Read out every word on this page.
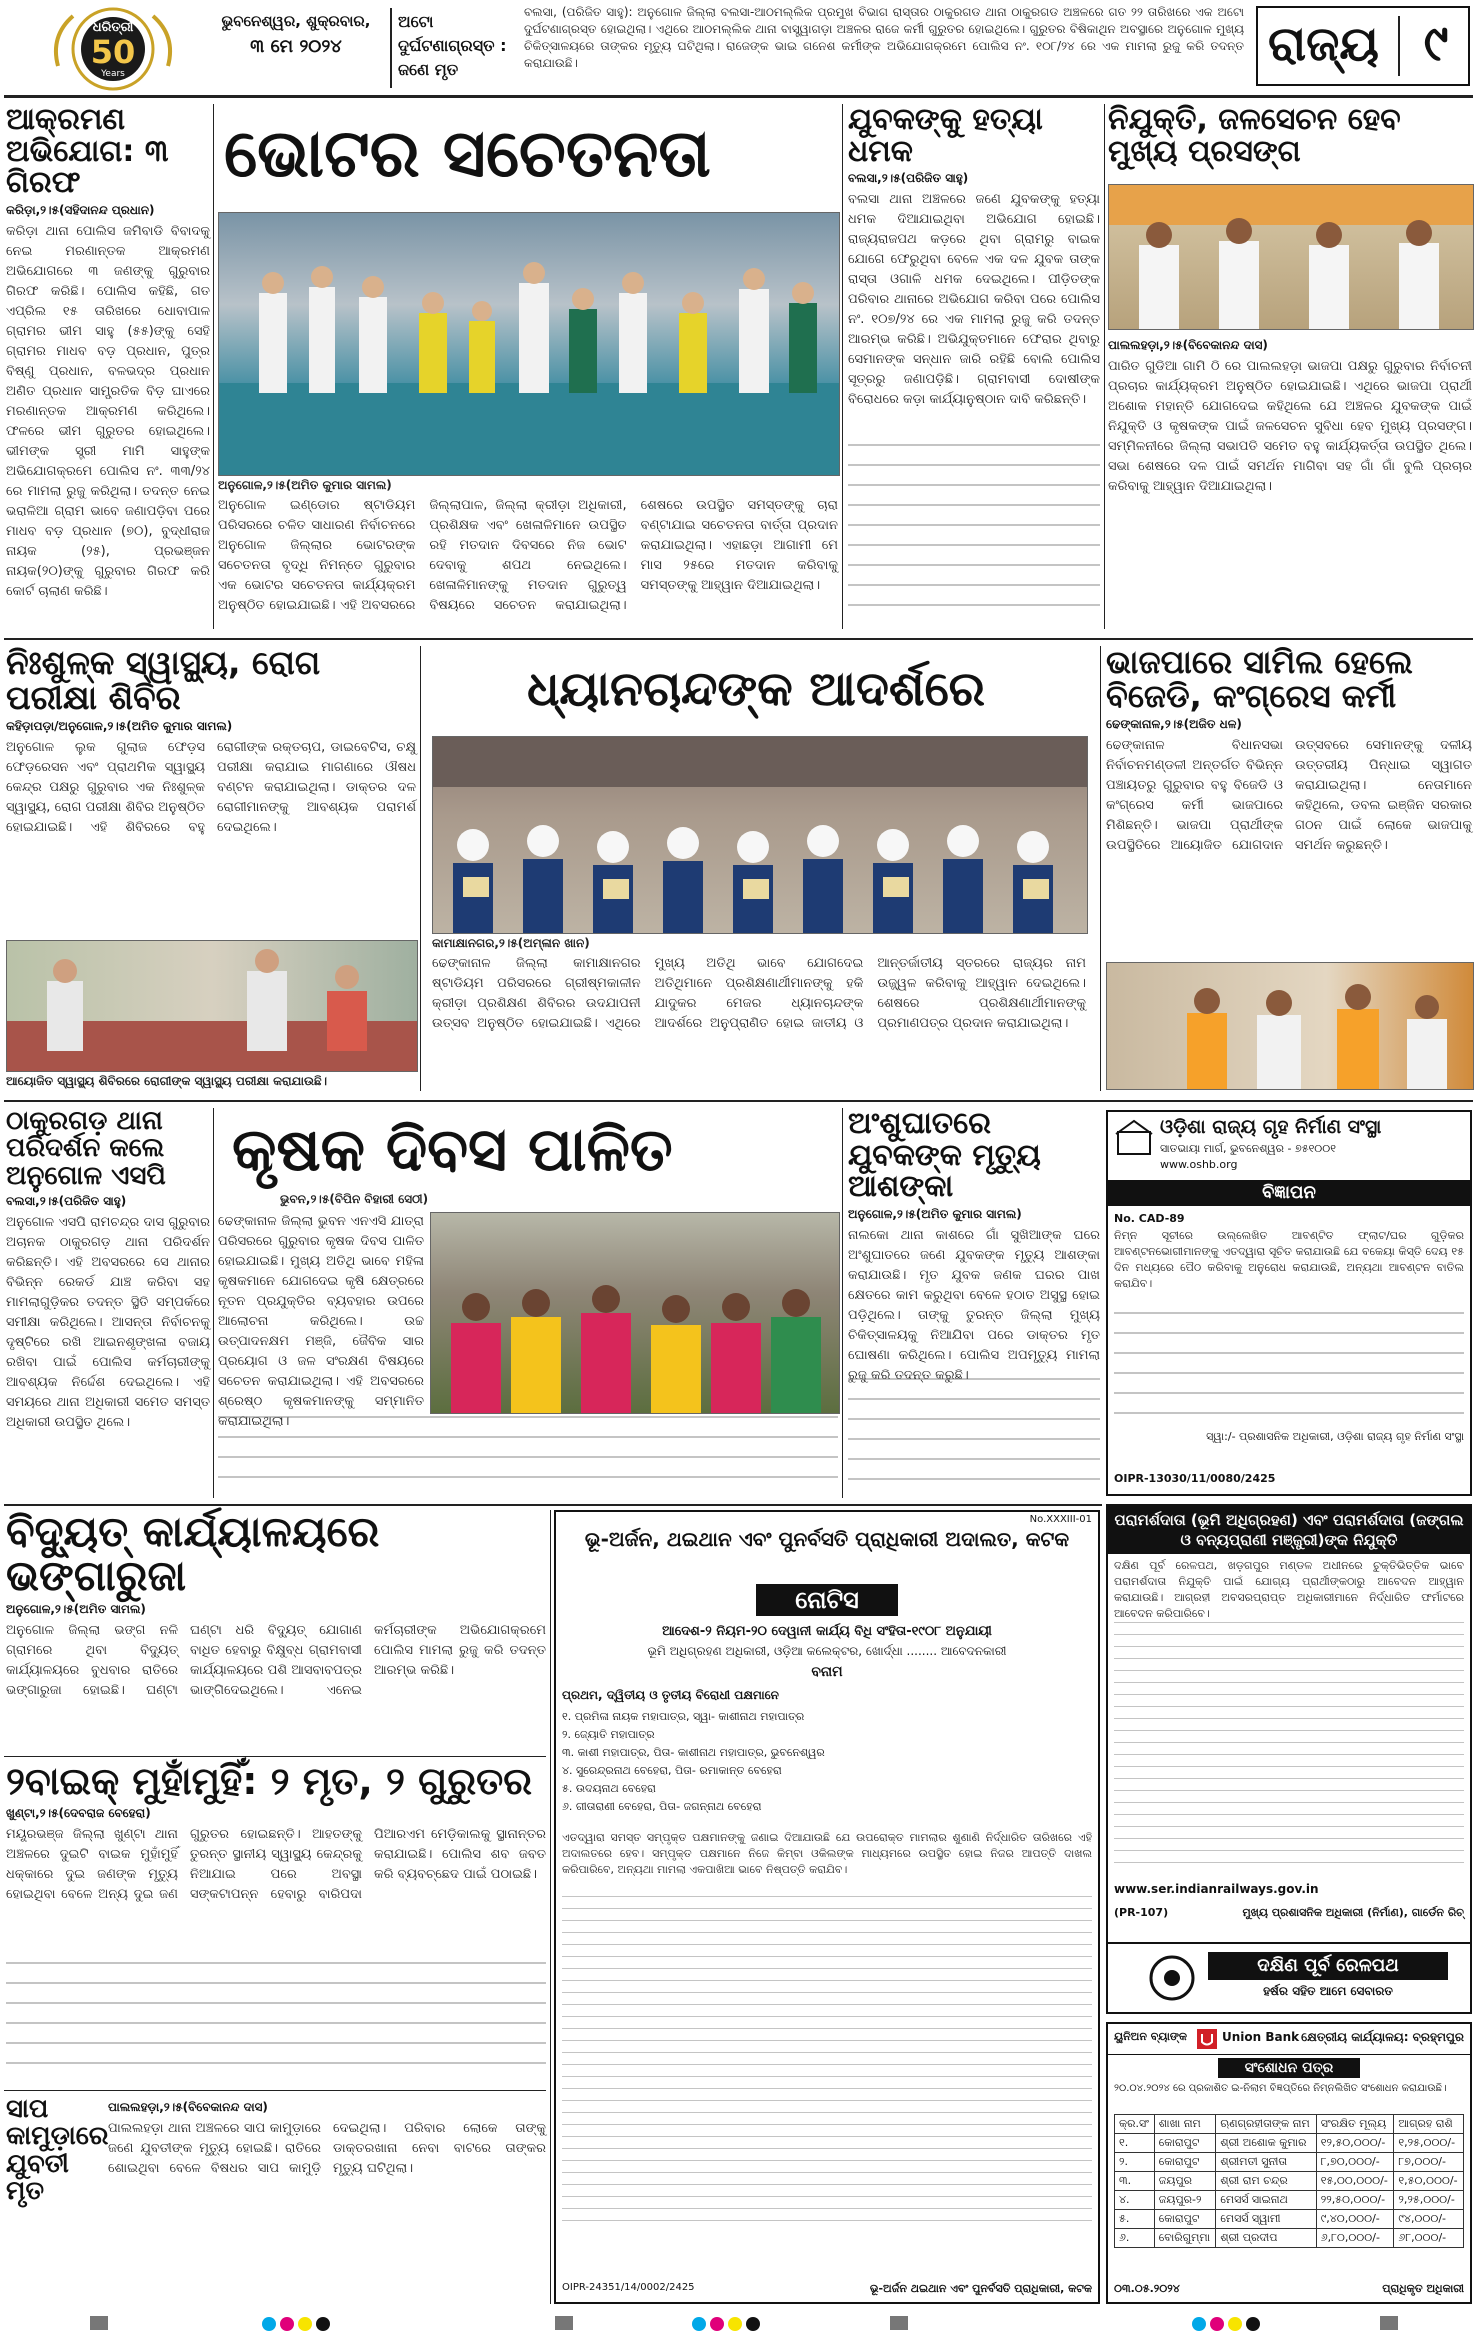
ଧରିତ୍ରୀ
50
Years
ଭୁବନେଶ୍ୱର, ଶୁକ୍ରବାର,
୩ ମେ ୨୦୨୪
ଅଟୋ ଦୁର୍ଘଟଣାଗ୍ରସ୍ତ : ଜଣେ ମୃତ
ବଲସା, (ପରିଜିତ ସାହୁ): ଅନୁଗୋଳ ଜିଲ୍ଲା ବଲସା-ଆଠମଲ୍ଲିକ ପ୍ରମୁଖ ବିଭାଗ ରାସ୍ତାର ଠାକୁରଗଡ ଥାନା ଠାକୁରଗଡ ଅଞ୍ଚଳରେ ଗତ ୨୨ ତାରିଖରେ ଏକ ଅଟୋ ଦୁର୍ଘଟଣାଗ୍ରସ୍ତ ହୋଇଥିଲା। ଏଥିରେ ଆଠମଲ୍ଲିକ ଥାନା ବାସ୍ତ୍ୱାଗଡ଼ା ଅଞ୍ଚଳର ରାଜେ କର୍ମୀ ଗୁରୁତର ହୋଇଥିଲେ। ଗୁରୁତର ବିଷିକାଥିନ ଅବସ୍ଥାରେ ଅନୁଗୋଳ ମୁଖ୍ୟ ଚିକିତ୍ସାଳୟରେ ତାଙ୍କର ମୃତ୍ୟୁ ଘଟିଥିଲା। ରାଜେଙ୍କ ଭାଇ ଗନେଶ କର୍ମୀଙ୍କ ଅଭିଯୋଗକ୍ରମେ ପୋଲିସ ନଂ. ୧୦୮/୨୪ ରେ ଏକ ମାମଲା ରୁଜୁ କରି ତଦନ୍ତ କରାଯାଉଛି।	ରାଜ୍ୟ ୯
ଆକ୍ରମଣ ଅଭିଯୋଗ: ୩ ଗିରଫ
କରିଡ଼ା,୨।୫(ସହିଦାନନ୍ଦ ପ୍ରଧାନ)
କରିଡ଼ା ଥାନା ପୋଲିସ ଜମିବାଡି ବିବାଦକୁ ନେଇ ମରଣାନ୍ତକ ଆକ୍ରମଣ ଅଭିଯୋଗରେ ୩ ଜଣଙ୍କୁ ଗୁରୁବାର ଗିରଫ କରିଛି। ପୋଲିସ କହିଛି, ଗତ ଏପ୍ରିଲ ୧୫ ତାରିଖରେ ଧୋବାପାଳ ଗ୍ରାମର ଭୀମ ସାହୁ (୫୫)ଙ୍କୁ ସେହି ଗ୍ରାମର ମାଧବ ବଡ଼ ପ୍ରଧାନ, ପୁତ୍ର ବିଷ୍ଣୁ ପ୍ରଧାନ, ବଳଭଦ୍ର ପ୍ରଧାନ ଅଣିତ ପ୍ରଧାନ ସାମ୍ପ୍ରତିକ ବିଡ଼ ଘାଏରେ ମରଣାନ୍ତକ ଆକ୍ରମଣ କରିଥିଲେ। ଫଳରେ ଭୀମ ଗୁରୁତର ହୋଇଥିଲେ। ଭୀମଙ୍କ ସ୍ତ୍ରୀ ମାମି ସାହୁଙ୍କ ଅଭିଯୋଗକ୍ରମେ ପୋଲିସ ନଂ. ୩୩/୨୪ ରେ ମାମଲା ରୁଜୁ କରିଥିଲା। ତଦନ୍ତ ନେଇ ଭରାଳିଆ ଗ୍ରାମ ଭାବେ ଜଣାପଡ଼ିବା ପରେ ମାଧବ ବଡ଼ ପ୍ରଧାନ (୭୦), ବୁଦ୍ଧୀରାଜ ନାୟକ (୨୫), ପ୍ରଭଞ୍ଜନ ନାୟକ(୨୦)ଙ୍କୁ ଗୁରୁବାର ଗିରଫ କରି କୋର୍ଟ ଚାଲାଣ କରିଛି।
ଭୋଟର ସଚେତନତା
ଅନୁଗୋଳ,୨।୫(ଅମିତ କୁମାର ସାମଲ)
ଅନୁଗୋଳ ଇଣ୍ଡୋର ଷ୍ଟାଡିୟମ ପରିସରରେ ଚଳିତ ସାଧାରଣ ନିର୍ବାଚନରେ ଅନୁଗୋଳ ଜିଲ୍ଲାର ଭୋଟରଙ୍କ ସଚେତନତା ବୃଦ୍ଧି ନିମନ୍ତେ ଗୁରୁବାର ଏକ ଭୋଟର ସଚେତନତା କାର୍ଯ୍ୟକ୍ରମ ଅନୁଷ୍ଠିତ ହୋଇଯାଇଛି। ଏହି ଅବସରରେ ଜିଲ୍ଲାପାଳ, ଜିଲ୍ଲା କ୍ରୀଡ଼ା ଅଧିକାରୀ, ପ୍ରଶିକ୍ଷକ ଏବଂ ଖେଳାଳିମାନେ ଉପସ୍ଥିତ ରହି ମତଦାନ ଦିବସରେ ନିଜ ଭୋଟ ଦେବାକୁ ଶପଥ ନେଇଥିଲେ। ଖେଳାଳିମାନଙ୍କୁ ମତଦାନ ଗୁରୁତ୍ୱ ବିଷୟରେ ସଚେତନ କରାଯାଇଥିଲା। ଶେଷରେ ଉପସ୍ଥିତ ସମସ୍ତଙ୍କୁ ଚାରା ବଣ୍ଟାଯାଇ ସଚେତନତା ବାର୍ତ୍ତା ପ୍ରଦାନ କରାଯାଇଥିଲା। ଏହାଛଡ଼ା ଆଗାମୀ ମେ ମାସ ୨୫ରେ ମତଦାନ କରିବାକୁ ସମସ୍ତଙ୍କୁ ଆହ୍ୱାନ ଦିଆଯାଇଥିଲା।
ଯୁବକଙ୍କୁ ହତ୍ୟା ଧମକ
ବଲସା,୨।୫(ପରିଜିତ ସାହୁ)
ବଲସା ଥାନା ଅଞ୍ଚଳରେ ଜଣେ ଯୁବକଙ୍କୁ ହତ୍ୟା ଧମକ ଦିଆଯାଇଥିବା ଅଭିଯୋଗ ହୋଇଛି। ରାଜ୍ୟରାଜପଥ କଡ଼ରେ ଥିବା ଗ୍ରାମରୁ ବାଇକ ଯୋଗେ ଫେରୁଥିବା ବେଳେ ଏକ ଦଳ ଯୁବକ ତାଙ୍କ ରାସ୍ତା ଓଗାଳି ଧମକ ଦେଇଥିଲେ। ପୀଡ଼ିତଙ୍କ ପରିବାର ଥାନାରେ ଅଭିଯୋଗ କରିବା ପରେ ପୋଲିସ ନଂ. ୧୦୭/୨୪ ରେ ଏକ ମାମଲା ରୁଜୁ କରି ତଦନ୍ତ ଆରମ୍ଭ କରିଛି। ଅଭିଯୁକ୍ତମାନେ ଫେରାର ଥିବାରୁ ସେମାନଙ୍କ ସନ୍ଧାନ ଜାରି ରହିଛି ବୋଲି ପୋଲିସ ସୂତ୍ରରୁ ଜଣାପଡ଼ିଛି। ଗ୍ରାମବାସୀ ଦୋଷୀଙ୍କ ବିରୋଧରେ କଡ଼ା କାର୍ଯ୍ୟାନୁଷ୍ଠାନ ଦାବି କରିଛନ୍ତି।
ନିଯୁକ୍ତି, ଜଳସେଚନ ହେବ ମୁଖ୍ୟ ପ୍ରସଙ୍ଗ
ପାଲଲହଡ଼ା,୨।୫(ବିବେକାନନ୍ଦ ଦାସ)
ପାରିତ ଗୁଡିଆ ଗାମି ଠି ରେ ପାଲଲହଡ଼ା ଭାଜପା ପକ୍ଷରୁ ଗୁରୁବାର ନିର୍ବାଚନୀ ପ୍ରଚାର କାର୍ଯ୍ୟକ୍ରମ ଅନୁଷ୍ଠିତ ହୋଇଯାଇଛି। ଏଥିରେ ଭାଜପା ପ୍ରାର୍ଥୀ ଅଶୋକ ମହାନ୍ତି ଯୋଗଦେଇ କହିଥିଲେ ଯେ ଅଞ୍ଚଳର ଯୁବକଙ୍କ ପାଇଁ ନିଯୁକ୍ତି ଓ କୃଷକଙ୍କ ପାଇଁ ଜଳସେଚନ ସୁବିଧା ହେବ ମୁଖ୍ୟ ପ୍ରସଙ୍ଗ। ସମ୍ମିଳନୀରେ ଜିଲ୍ଲା ସଭାପତି ସମେତ ବହୁ କାର୍ଯ୍ୟକର୍ତ୍ତା ଉପସ୍ଥିତ ଥିଲେ। ସଭା ଶେଷରେ ଦଳ ପାଇଁ ସମର୍ଥନ ମାଗିବା ସହ ଗାଁ ଗାଁ ବୁଲି ପ୍ରଚାର କରିବାକୁ ଆହ୍ୱାନ ଦିଆଯାଇଥିଲା।
ନିଃଶୁଳ୍କ ସ୍ୱାସ୍ଥ୍ୟ, ରୋଗ ପରୀକ୍ଷା ଶିବିର
କହିଡ଼ାପଡ଼ା/ଅନୁଗୋଳ,୨।୫(ଅମିତ କୁମାର ସାମଲ)
ଅନୁଗୋଳ ଲୁକ ଗୁଲାଜ ଫେଡ଼ସ ଫେଡ଼ରେସନ ଏବଂ ପ୍ରାଥମିକ ସ୍ୱାସ୍ଥ୍ୟ କେନ୍ଦ୍ର ପକ୍ଷରୁ ଗୁରୁବାର ଏକ ନିଃଶୁଳ୍କ ସ୍ୱାସ୍ଥ୍ୟ, ରୋଗ ପରୀକ୍ଷା ଶିବିର ଅନୁଷ୍ଠିତ ହୋଇଯାଇଛି। ଏହି ଶିବିରରେ ବହୁ ରୋଗୀଙ୍କ ରକ୍ତଚାପ, ଡାଇବେଟିସ, ଚକ୍ଷୁ ପରୀକ୍ଷା କରାଯାଇ ମାଗଣାରେ ଔଷଧ ବଣ୍ଟନ କରାଯାଇଥିଲା। ଡାକ୍ତର ଦଳ ରୋଗୀମାନଙ୍କୁ ଆବଶ୍ୟକ ପରାମର୍ଶ ଦେଇଥିଲେ।
ଆୟୋଜିତ ସ୍ୱାସ୍ଥ୍ୟ ଶିବିରରେ ରୋଗୀଙ୍କ ସ୍ୱାସ୍ଥ୍ୟ ପରୀକ୍ଷା କରାଯାଉଛି।
ଧ୍ୟାନଚାନ୍ଦଙ୍କ ଆଦର୍ଶରେ
କାମାକ୍ଷାନଗର,୨।୫(ଅମ୍ଳାନ ଖାନ)
ଢେଙ୍କାନାଳ ଜିଲ୍ଲା କାମାକ୍ଷାନଗର ଷ୍ଟାଡିୟମ ପରିସରରେ ଗ୍ରୀଷ୍ମକାଳୀନ କ୍ରୀଡ଼ା ପ୍ରଶିକ୍ଷଣ ଶିବିରର ଉଦଯାପନୀ ଉତ୍ସବ ଅନୁଷ୍ଠିତ ହୋଇଯାଇଛି। ଏଥିରେ ମୁଖ୍ୟ ଅତିଥି ଭାବେ ଯୋଗଦେଇ ଅତିଥିମାନେ ପ୍ରଶିକ୍ଷଣାର୍ଥୀମାନଙ୍କୁ ହକି ଯାଦୁକର ମେଜର ଧ୍ୟାନଚାନ୍ଦଙ୍କ ଆଦର୍ଶରେ ଅନୁପ୍ରାଣିତ ହୋଇ ଜାତୀୟ ଓ ଆନ୍ତର୍ଜାତୀୟ ସ୍ତରରେ ରାଜ୍ୟର ନାମ ଉଜ୍ଜ୍ୱଳ କରିବାକୁ ଆହ୍ୱାନ ଦେଇଥିଲେ। ଶେଷରେ ପ୍ରଶିକ୍ଷଣାର୍ଥୀମାନଙ୍କୁ ପ୍ରମାଣପତ୍ର ପ୍ରଦାନ କରାଯାଇଥିଲା।
ଭାଜପାରେ ସାମିଲ ହେଲେ ବିଜେଡି, କଂଗ୍ରେସ କର୍ମୀ
ଢେଙ୍କାନାଳ,୨।୫(ଅଜିତ ଧଳ)
ଢେଙ୍କାନାଳ ବିଧାନସଭା ନିର୍ବାଚନମଣ୍ଡଳୀ ଅନ୍ତର୍ଗତ ବିଭିନ୍ନ ପଞ୍ଚାୟତରୁ ଗୁରୁବାର ବହୁ ବିଜେଡି ଓ କଂଗ୍ରେସ କର୍ମୀ ଭାଜପାରେ ମିଶିଛନ୍ତି। ଭାଜପା ପ୍ରାର୍ଥୀଙ୍କ ଉପସ୍ଥିତିରେ ଆୟୋଜିତ ଯୋଗଦାନ ଉତ୍ସବରେ ସେମାନଙ୍କୁ ଦଳୀୟ ଉତ୍ତରୀୟ ପିନ୍ଧାଇ ସ୍ୱାଗତ କରାଯାଇଥିଲା। ନେତାମାନେ କହିଥିଲେ, ଡବଲ ଇଞ୍ଜିନ ସରକାର ଗଠନ ପାଇଁ ଲୋକେ ଭାଜପାକୁ ସମର୍ଥନ କରୁଛନ୍ତି।
ଠାକୁରଗଡ଼ ଥାନା ପରିଦର୍ଶନ କଲେ ଅନୁଗୋଳ ଏସପି
ବଲସା,୨।୫(ପରିଜିତ ସାହୁ)
ଅନୁଗୋଳ ଏସପି ରାମଚନ୍ଦ୍ର ଦାସ ଗୁରୁବାର ଅଚାନକ ଠାକୁରଗଡ଼ ଥାନା ପରିଦର୍ଶନ କରିଛନ୍ତି। ଏହି ଅବସରରେ ସେ ଥାନାର ବିଭିନ୍ନ ରେକର୍ଡ ଯାଞ୍ଚ କରିବା ସହ ମାମଲାଗୁଡ଼ିକର ତଦନ୍ତ ସ୍ଥିତି ସମ୍ପର୍କରେ ସମୀକ୍ଷା କରିଥିଲେ। ଆସନ୍ତା ନିର୍ବାଚନକୁ ଦୃଷ୍ଟିରେ ରଖି ଆଇନଶୃଙ୍ଖଳା ବଜାୟ ରଖିବା ପାଇଁ ପୋଲିସ କର୍ମଚାରୀଙ୍କୁ ଆବଶ୍ୟକ ନିର୍ଦ୍ଦେଶ ଦେଇଥିଲେ। ଏହି ସମୟରେ ଥାନା ଅଧିକାରୀ ସମେତ ସମସ୍ତ ଅଧିକାରୀ ଉପସ୍ଥିତ ଥିଲେ।
କୃଷକ ଦିବସ ପାଳିତ
ଭୁବନ,୨।୫(ବିପିନ ବିହାରୀ ସେଠୀ)
ଢେଙ୍କାନାଳ ଜିଲ୍ଲା ଭୁବନ ଏନଏସି ଯାତ୍ରା ପରିସରରେ ଗୁରୁବାର କୃଷକ ଦିବସ ପାଳିତ ହୋଇଯାଇଛି। ମୁଖ୍ୟ ଅତିଥି ଭାବେ ମହିଳା କୃଷକମାନେ ଯୋଗଦେଇ କୃଷି କ୍ଷେତ୍ରରେ ନୂତନ ପ୍ରଯୁକ୍ତିର ବ୍ୟବହାର ଉପରେ ଆଲୋଚନା କରିଥିଲେ। ଉଚ୍ଚ ଉତ୍ପାଦନକ୍ଷମ ମଞ୍ଜି, ଜୈବିକ ସାର ପ୍ରୟୋଗ ଓ ଜଳ ସଂରକ୍ଷଣ ବିଷୟରେ ସଚେତନ କରାଯାଇଥିଲା। ଏହି ଅବସରରେ ଶ୍ରେଷ୍ଠ କୃଷକମାନଙ୍କୁ ସମ୍ମାନିତ କରାଯାଇଥିଲା।
ଅଂଶୁଘାତରେ ଯୁବକଙ୍କ ମୃତ୍ୟୁ ଆଶଙ୍କା
ଅନୁଗୋଳ,୨।୫(ଅମିତ କୁମାର ସାମଲ)
ନାଲକୋ ଥାନା କାଶରେ ଗାଁ ସୁଖିଆଙ୍କ ଘରେ ଅଂଶୁଘାତରେ ଜଣେ ଯୁବକଙ୍କ ମୃତ୍ୟୁ ଆଶଙ୍କା କରାଯାଉଛି। ମୃତ ଯୁବକ ଜଣକ ଘରର ପାଖ କ୍ଷେତରେ କାମ କରୁଥିବା ବେଳେ ହଠାତ ଅସୁସ୍ଥ ହୋଇ ପଡ଼ିଥିଲେ। ତାଙ୍କୁ ତୁରନ୍ତ ଜିଲ୍ଲା ମୁଖ୍ୟ ଚିକିତ୍ସାଳୟକୁ ନିଆଯିବା ପରେ ଡାକ୍ତର ମୃତ ଘୋଷଣା କରିଥିଲେ। ପୋଲିସ ଅପମୃତ୍ୟୁ ମାମଲା ରୁଜୁ କରି ତଦନ୍ତ କରୁଛି।
ଓଡ଼ିଶା ରାଜ୍ୟ ଗୃହ ନିର୍ମାଣ ସଂସ୍ଥା
ସାତଭାୟା ମାର୍ଗ, ଭୁବନେଶ୍ୱର - ୭୫୧୦୦୧
www.oshb.org
ବିଜ୍ଞାପନ
No. CAD-89
ନିମ୍ନ ସୂଚୀରେ ଉଲ୍ଲେଖିତ ଆବଣ୍ଟିତ ଫ୍ଲାଟ/ଘର ଗୁଡ଼ିକର ଆବଣ୍ଟନଭୋଗୀମାନଙ୍କୁ ଏତଦ୍ୱାରା ସୂଚିତ କରାଯାଉଛି ଯେ ବକେୟା କିସ୍ତି ଦେୟ ୧୫ ଦିନ ମଧ୍ୟରେ ପୈଠ କରିବାକୁ ଅନୁରୋଧ କରାଯାଉଛି, ଅନ୍ୟଥା ଆବଣ୍ଟନ ବାତିଲ କରାଯିବ।
ସ୍ୱା:/- ପ୍ରଶାସନିକ ଅଧିକାରୀ, ଓଡ଼ିଶା ରାଜ୍ୟ ଗୃହ ନିର୍ମାଣ ସଂସ୍ଥା
OIPR-13030/11/0080/2425
ବିଦ୍ୟୁତ୍ କାର୍ଯ୍ୟାଳୟରେ ଭଙ୍ଗାରୁଜା
ଅନୁଗୋଳ,୨।୫(ଅମିତ ସାମଲ)
ଅନୁଗୋଳ ଜିଲ୍ଲା ଭଙ୍ଗ ନଳି ଗ୍ରାମରେ ଥିବା ବିଦ୍ୟୁତ୍ କାର୍ଯ୍ୟାଳୟରେ ବୁଧବାର ରାତିରେ ଭଙ୍ଗାରୁଜା ହୋଇଛି। ଘଣ୍ଟା ଘଣ୍ଟା ଧରି ବିଦ୍ୟୁତ୍ ଯୋଗାଣ ବାଧିତ ହେବାରୁ ବିକ୍ଷୁବ୍ଧ ଗ୍ରାମବାସୀ କାର୍ଯ୍ୟାଳୟରେ ପଶି ଆସବାବପତ୍ର ଭାଙ୍ଗିଦେଇଥିଲେ। ଏନେଇ କର୍ମଚାରୀଙ୍କ ଅଭିଯୋଗକ୍ରମେ ପୋଲିସ ମାମଲା ରୁଜୁ କରି ତଦନ୍ତ ଆରମ୍ଭ କରିଛି।
୨ବାଇକ୍ ମୁହାଁମୁହିଁ: ୨ ମୃତ, ୨ ଗୁରୁତର
ଖୁଣ୍ଟା,୨।୫(ଦେବରାଜ ବେହେରା)
ମୟୂରଭଞ୍ଜ ଜିଲ୍ଲା ଖୁଣ୍ଟା ଥାନା ଅଞ୍ଚଳରେ ଦୁଇଟି ବାଇକ ମୁହାଁମୁହିଁ ଧକ୍କାରେ ଦୁଇ ଜଣଙ୍କ ମୃତ୍ୟୁ ହୋଇଥିବା ବେଳେ ଅନ୍ୟ ଦୁଇ ଜଣ ଗୁରୁତର ହୋଇଛନ୍ତି। ଆହତଙ୍କୁ ତୁରନ୍ତ ସ୍ଥାନୀୟ ସ୍ୱାସ୍ଥ୍ୟ କେନ୍ଦ୍ରକୁ ନିଆଯାଇ ପରେ ଅବସ୍ଥା ସଙ୍କଟାପନ୍ନ ହେବାରୁ ବାରିପଦା ପିଆରଏମ ମେଡ଼ିକାଲକୁ ସ୍ଥାନାନ୍ତର କରାଯାଇଛି। ପୋଲିସ ଶବ ଜବତ କରି ବ୍ୟବଚ୍ଛେଦ ପାଇଁ ପଠାଇଛି।
ସାପ କାମୁଡ଼ାରେ ଯୁବତୀ ମୃତ
ପାଲଲହଡ଼ା,୨।୫(ବିବେକାନନ୍ଦ ଦାସ)
ପାଲଲହଡ଼ା ଥାନା ଅଞ୍ଚଳରେ ସାପ କାମୁଡ଼ାରେ ଜଣେ ଯୁବତୀଙ୍କ ମୃତ୍ୟୁ ହୋଇଛି। ରାତିରେ ଶୋଇଥିବା ବେଳେ ବିଷଧର ସାପ କାମୁଡ଼ି ଦେଇଥିଲା। ପରିବାର ଲୋକେ ତାଙ୍କୁ ଡାକ୍ତରଖାନା ନେବା ବାଟରେ ତାଙ୍କର ମୃତ୍ୟୁ ଘଟିଥିଲା।
No.XXXIII-01
ଭୂ-ଅର୍ଜନ, ଥଇଥାନ ଏବଂ ପୁନର୍ବସତି ପ୍ରାଧିକାରୀ ଅଦାଲତ, କଟକ
ନୋଟିସ
ଆଦେଶ-୨ ନିୟମ-୨୦ ଦେୱାନୀ କାର୍ଯ୍ୟ ବିଧି ସଂହିତା-୧୯୦୮ ଅନୁଯାୟୀ
ଭୂମି ଅଧିଗ୍ରହଣ ଅଧିକାରୀ, ଓଡ଼ିଆ କଲେକ୍ଟର, ଖୋର୍ଦ୍ଧା ........ ଆବେଦନକାରୀ
ବନାମ
ପ୍ରଥମ, ଦ୍ୱିତୀୟ ଓ ତୃତୀୟ ବିରୋଧୀ ପକ୍ଷମାନେ
୧. ପ୍ରମିଳା ନାୟକ ମହାପାତ୍ର, ସ୍ୱା- କାଶୀନାଥ ମହାପାତ୍ର
୨. ଜ୍ୟୋତି ମହାପାତ୍ର
୩. କାଶୀ ମହାପାତ୍ର, ପିତା- କାଶୀନାଥ ମହାପାତ୍ର, ଭୁବନେଶ୍ୱର
୪. ସୁରେନ୍ଦ୍ରନାଥ ବେହେରା, ପିତା- ରମାକାନ୍ତ ବେହେରା
୫. ଉଦୟନାଥ ବେହେରା
୬. ଗୀତାରାଣୀ ବେହେରା, ପିତା- ଜଗନ୍ନାଥ ବେହେରା
ଏତଦ୍ୱାରା ସମସ୍ତ ସମ୍ପୃକ୍ତ ପକ୍ଷମାନଙ୍କୁ ଜଣାଇ ଦିଆଯାଉଛି ଯେ ଉପରୋକ୍ତ ମାମଲାର ଶୁଣାଣି ନିର୍ଦ୍ଧାରିତ ତାରିଖରେ ଏହି ଅଦାଲତରେ ହେବ। ସମ୍ପୃକ୍ତ ପକ୍ଷମାନେ ନିଜେ କିମ୍ବା ଓକିଲଙ୍କ ମାଧ୍ୟମରେ ଉପସ୍ଥିତ ହୋଇ ନିଜର ଆପତ୍ତି ଦାଖଲ କରିପାରିବେ, ଅନ୍ୟଥା ମାମଲା ଏକପାଖିଆ ଭାବେ ନିଷ୍ପତ୍ତି କରାଯିବ।
OIPR-24351/14/0002/2425	ଭୂ-ଅର୍ଜନ ଥଇଥାନ ଏବଂ ପୁନର୍ବସତି ପ୍ରାଧିକାରୀ, କଟକ
ପରାମର୍ଶଦାତା (ଭୂମି ଅଧିଗ୍ରହଣ) ଏବଂ ପରାମର୍ଶଦାତା (ଜଙ୍ଗଲ ଓ ବନ୍ୟପ୍ରାଣୀ ମଞ୍ଜୁରୀ)ଙ୍କ ନିଯୁକ୍ତି
ଦକ୍ଷିଣ ପୂର୍ବ ରେଳପଥ, ଖଡ଼ଗପୁର ମଣ୍ଡଳ ଅଧୀନରେ ଚୁକ୍ତିଭିତ୍ତିକ ଭାବେ ପରାମର୍ଶଦାତା ନିଯୁକ୍ତି ପାଇଁ ଯୋଗ୍ୟ ପ୍ରାର୍ଥୀଙ୍କଠାରୁ ଆବେଦନ ଆହ୍ୱାନ କରାଯାଉଛି। ଆଗ୍ରହୀ ଅବସରପ୍ରାପ୍ତ ଅଧିକାରୀମାନେ ନିର୍ଦ୍ଧାରିତ ଫର୍ମାଟରେ ଆବେଦନ କରିପାରିବେ।
www.ser.indianrailways.gov.in
(PR-107)	ମୁଖ୍ୟ ପ୍ରଶାସନିକ ଅଧିକାରୀ (ନିର୍ମାଣ), ଗାର୍ଡେନ ରିଚ୍
ଦକ୍ଷିଣ ପୂର୍ବ ରେଳପଥ
ହର୍ଷର ସହିତ ଆମେ ସେବାରତ
ୟୁନିଅନ ବ୍ୟାଙ୍କ	Union Bank କ୍ଷେତ୍ରୀୟ କାର୍ଯ୍ୟାଳୟ: ବ୍ରହ୍ମପୁର
ସଂଶୋଧନ ପତ୍ର
୨୦.୦୪.୨୦୨୪ ରେ ପ୍ରକାଶିତ ଇ-ନିଲାମ ବିଜ୍ଞପ୍ତିରେ ନିମ୍ନଲିଖିତ ସଂଶୋଧନ କରାଯାଉଛି।
କ୍ର.ସଂ	ଶାଖା ନାମ	ଋଣଗ୍ରହୀତାଙ୍କ ନାମ	ସଂରକ୍ଷିତ ମୂଲ୍ୟ	ଆଗ୍ରହ ରାଶି
୧.	କୋରାପୁଟ	ଶ୍ରୀ ଅଶୋକ କୁମାର	୧୨,୫୦,୦୦୦/-	୧,୨୫,୦୦୦/-
୨.	କୋରାପୁଟ	ଶ୍ରୀମତୀ ସୁନୀତା	୮,୭୦,୦୦୦/-	୮୭,୦୦୦/-
୩.	ଜୟପୁର	ଶ୍ରୀ ରାମ ଚନ୍ଦ୍ର	୧୫,୦୦,୦୦୦/-	୧,୫୦,୦୦୦/-
୪.	ଜୟପୁର-୨	ମେସର୍ସ ସାଇନାଥ	୨୨,୫୦,୦୦୦/-	୨,୨୫,୦୦୦/-
୫.	କୋରାପୁଟ	ମେସର୍ସ ସ୍ୱାମୀ	୯,୪୦,୦୦୦/-	୯୪,୦୦୦/-
୬.	ବୋରିଗୁମ୍ମା	ଶ୍ରୀ ପ୍ରଦୀପ	୬,୮୦,୦୦୦/-	୬୮,୦୦୦/-
୦୩.୦୫.୨୦୨୪	ପ୍ରାଧିକୃତ ଅଧିକାରୀ
